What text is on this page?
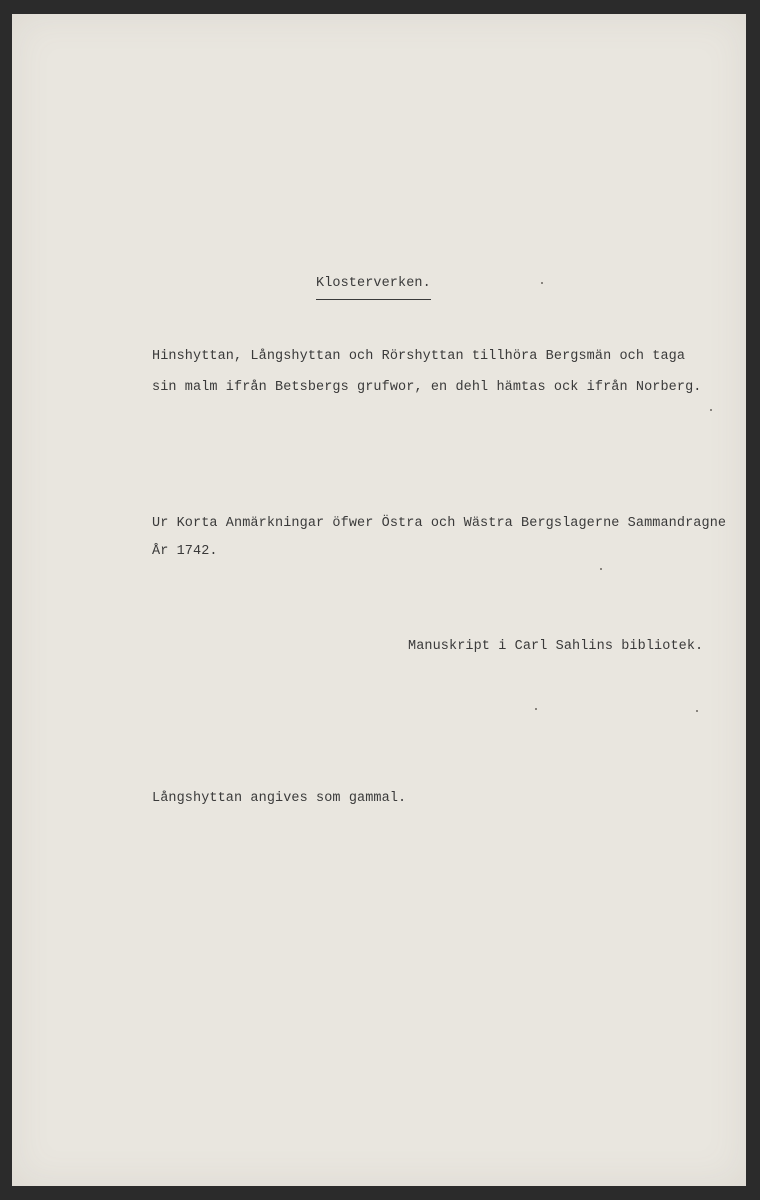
Klosterverken.
Hinshyttan, Långshyttan och Rörshyttan tillhöra Bergsmän och taga
sin malm ifrån Betsbergs grufwor, en dehl hämtas ock ifrån Norberg.
Ur Korta Anmärkningar öfwer Östra och Wästra Bergslagerne Sammandragne
År 1742.
Manuskript i Carl Sahlins bibliotek.
Långshyttan angives som gammal.
